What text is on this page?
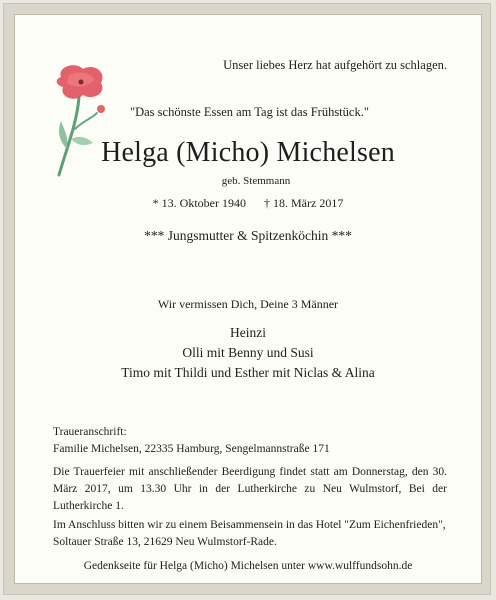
Unser liebes Herz hat aufgehört zu schlagen.
"Das schönste Essen am Tag ist das Frühstück."
Helga (Micho) Michelsen
geb. Stemmann
* 13. Oktober 1940 † 18. März 2017
*** Jungsmutter & Spitzenköchin ***
Wir vermissen Dich, Deine 3 Männer
Heinzi
Olli mit Benny und Susi
Timo mit Thildi und Esther mit Niclas & Alina
Traueranschrift:
Familie Michelsen, 22335 Hamburg, Sengelmannstraße 171
Die Trauerfeier mit anschließender Beerdigung findet statt am Donnerstag, den 30. März 2017, um 13.30 Uhr in der Lutherkirche zu Neu Wulmstorf, Bei der Lutherkirche 1.
Im Anschluss bitten wir zu einem Beisammensein in das Hotel "Zum Eichenfrieden", Soltauer Straße 13, 21629 Neu Wulmstorf-Rade.
Gedenkseite für Helga (Micho) Michelsen unter www.wulffundsohn.de
